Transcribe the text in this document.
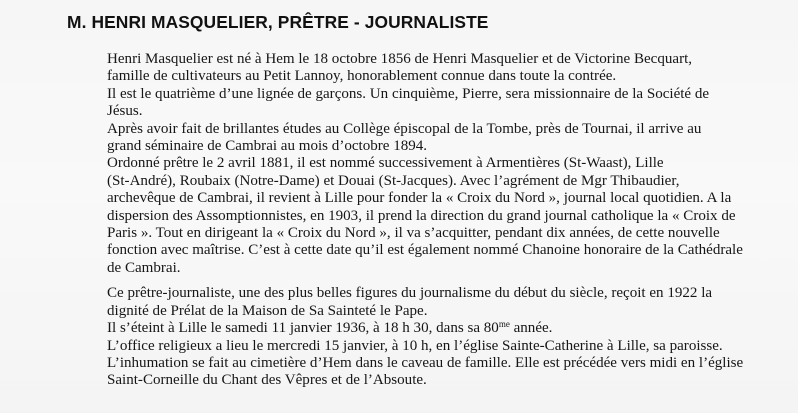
M. HENRI MASQUELIER, PRÊTRE - JOURNALISTE

Henri Masquelier est né à Hem le 18 octobre 1856 de Henri Masquelier et de Victorine Becquart,
famille de cultivateurs au Petit Lannoy, honorablement connue dans toute la contrée.

Il est le quatrième d’une lignée de garçons. Un cinquième, Pierre, sera missionnaire de la Société de
Jésus.

Après avoir fait de brillantes études au Collège épiscopal de la Tombe, près de Tournai, il arrive au
grand séminaire de Cambrai au mois d’octobre 1894.

Ordonné prêtre le 2 avril 1881, il est nommé successivement à Armentières (St-Waast), Lille
(St-André), Roubaix (Notre-Dame) et Douai (St-Jacques). Avec l’agrément de Mgr Thibaudier,
archevêque de Cambrai, il revient à Lille pour fonder la « Croix du Nord », journal local quotidien. A la
dispersion des Assomptionnistes, en 1903, il prend la direction du grand journal catholique la « Croix de
Paris ». Tout en dirigeant la « Croix du Nord », il va s’acquitter, pendant dix années, de cette nouvelle
fonction avec maîtrise. C’est à cette date qu’il est également nommé Chanoine honoraire de la Cathédrale
de Cambrai.

Ce prêtre-journaliste, une des plus belles figures du journalisme du début du siècle, reçoit en 1922 la
dignité de Prélat de la Maison de Sa Sainteté le Pape.

Il s’éteint à Lille le samedi 11 janvier 1936, à 18 h 30, dans sa $80^{me}$ année.

L’office religieux a lieu le mercredi 15 janvier, à 10 h, en l’église Sainte-Catherine à Lille, sa paroisse.
L’inhumation se fait au cimetière d’Hem dans le caveau de famille. Elle est précédée vers midi en l’église
Saint-Corneille du Chant des Vêpres et de l’Absoute.
